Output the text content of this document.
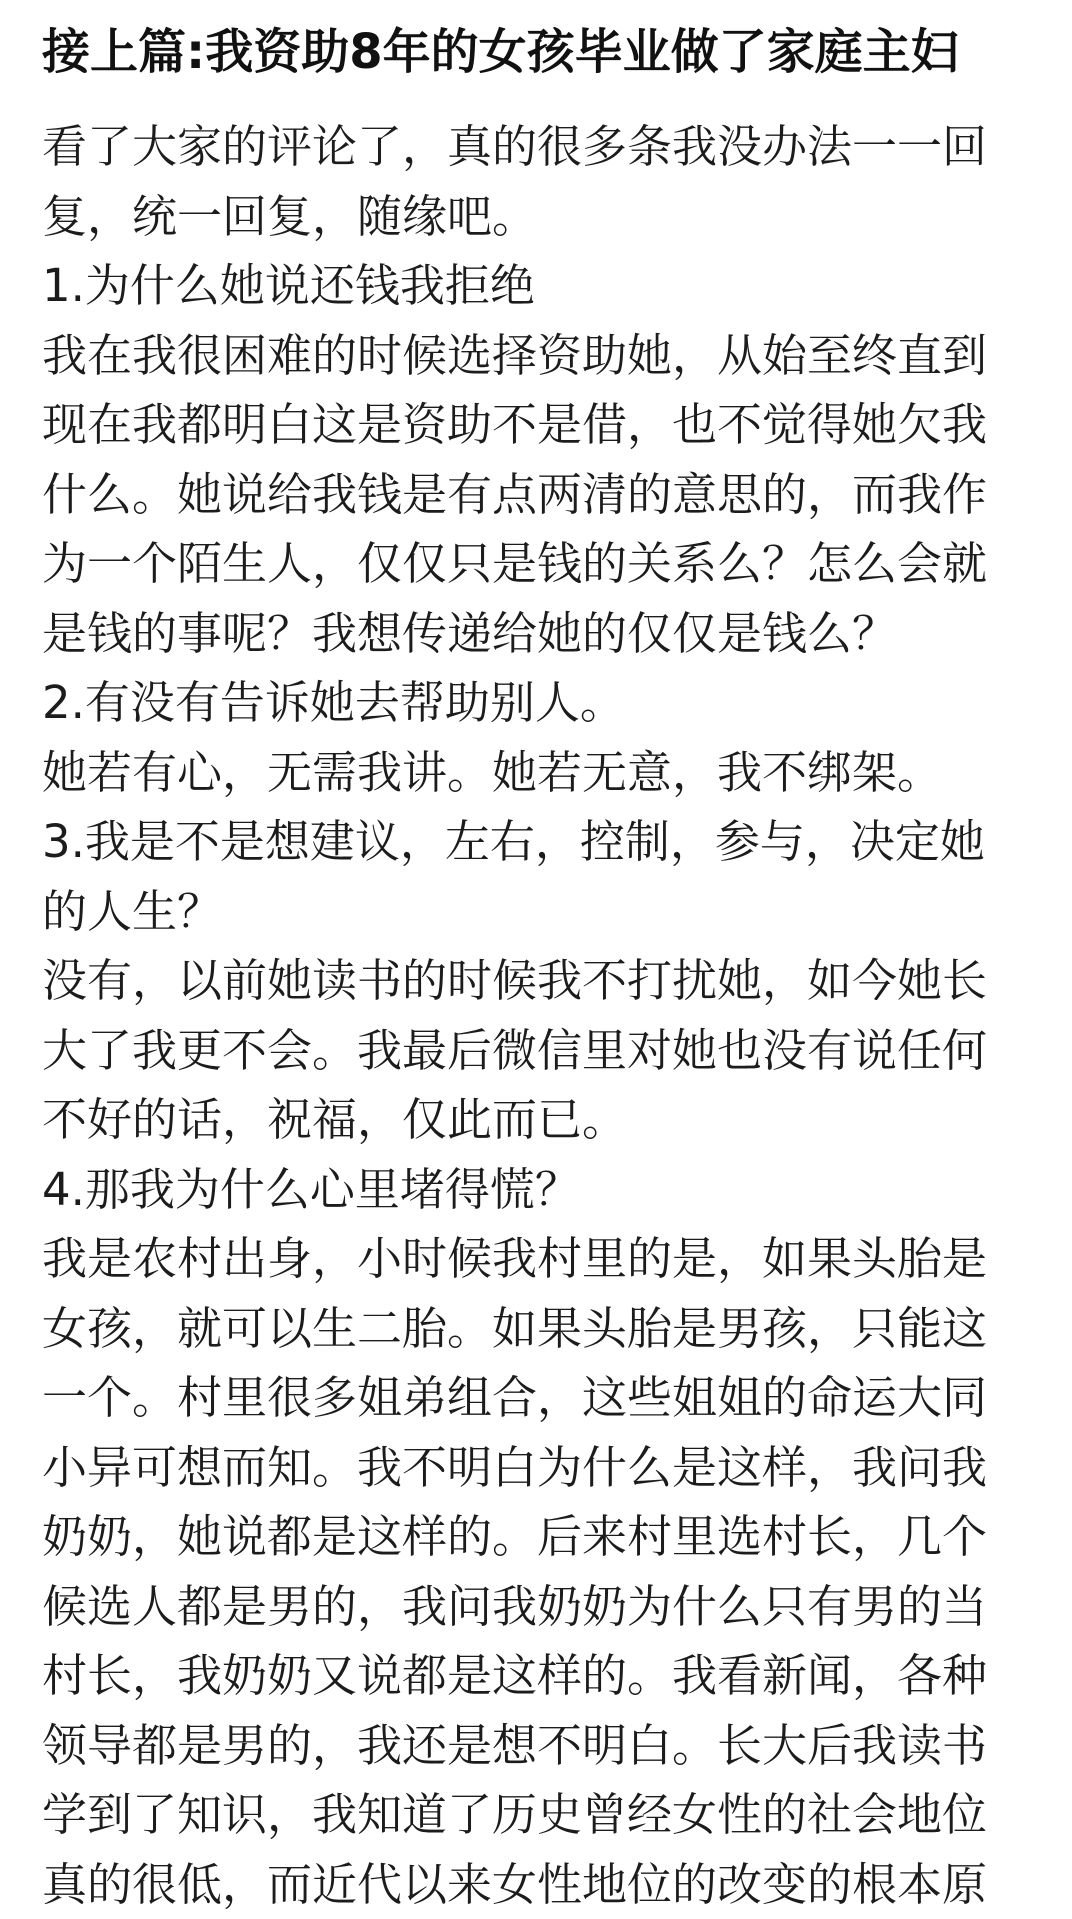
接上篇:我资助8年的女孩毕业做了家庭主妇
看了大家的评论了，真的很多条我没办法一一回
复，统一回复，随缘吧。
1.为什么她说还钱我拒绝
我在我很困难的时候选择资助她，从始至终直到
现在我都明白这是资助不是借，也不觉得她欠我
什么。她说给我钱是有点两清的意思的，而我作
为一个陌生人，仅仅只是钱的关系么？怎么会就
是钱的事呢？我想传递给她的仅仅是钱么？
2.有没有告诉她去帮助别人。
她若有心，无需我讲。她若无意，我不绑架。
3.我是不是想建议，左右，控制，参与，决定她
的人生？
没有，以前她读书的时候我不打扰她，如今她长
大了我更不会。我最后微信里对她也没有说任何
不好的话，祝福，仅此而已。
4.那我为什么心里堵得慌？
我是农村出身，小时候我村里的是，如果头胎是
女孩，就可以生二胎。如果头胎是男孩，只能这
一个。村里很多姐弟组合，这些姐姐的命运大同
小异可想而知。我不明白为什么是这样，我问我
奶奶，她说都是这样的。后来村里选村长，几个
候选人都是男的，我问我奶奶为什么只有男的当
村长，我奶奶又说都是这样的。我看新闻，各种
领导都是男的，我还是想不明白。长大后我读书
学到了知识，我知道了历史曾经女性的社会地位
真的很低，而近代以来女性地位的改变的根本原
